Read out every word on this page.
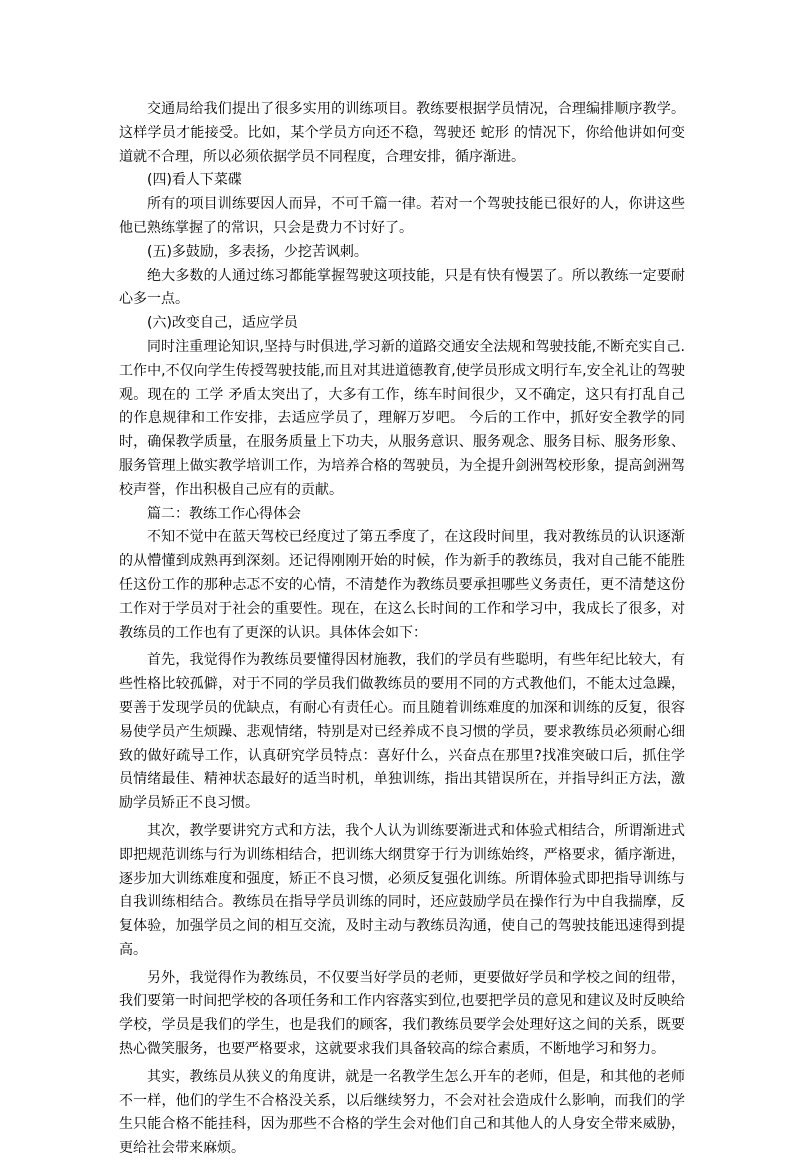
交通局给我们提出了很多实用的训练项目。教练要根据学员情况，合理编排顺序教学。这样学员才能接受。比如，某个学员方向还不稳，驾驶还 蛇形 的情况下，你给他讲如何变道就不合理，所以必须依据学员不同程度，合理安排，循序渐进。

(四)看人下菜碟

所有的项目训练要因人而异，不可千篇一律。若对一个驾驶技能已很好的人，你讲这些他已熟练掌握了的常识，只会是费力不讨好了。

(五)多鼓励，多表扬，少挖苦讽刺。

绝大多数的人通过练习都能掌握驾驶这项技能，只是有快有慢罢了。所以教练一定要耐心多一点。

(六)改变自己，适应学员

同时注重理论知识,坚持与时俱进,学习新的道路交通安全法规和驾驶技能,不断充实自己.工作中,不仅向学生传授驾驶技能,而且对其进道德教育,使学员形成文明行车,安全礼让的驾驶观。现在的 工学 矛盾太突出了，大多有工作，练车时间很少，又不确定，这只有打乱自己的作息规律和工作安排，去适应学员了，理解万岁吧。 今后的工作中，抓好安全教学的同时，确保教学质量，在服务质量上下功夫，从服务意识、服务观念、服务目标、服务形象、服务管理上做实教学培训工作，为培养合格的驾驶员，为全提升剑洲驾校形象，提高剑洲驾校声誉，作出积极自己应有的贡献。

篇二：教练工作心得体会

不知不觉中在蓝天驾校已经度过了第五季度了，在这段时间里，我对教练员的认识逐渐的从懵懂到成熟再到深刻。还记得刚刚开始的时候，作为新手的教练员，我对自己能不能胜任这份工作的那种忐忑不安的心情，不清楚作为教练员要承担哪些义务责任，更不清楚这份工作对于学员对于社会的重要性。现在，在这么长时间的工作和学习中，我成长了很多，对教练员的工作也有了更深的认识。具体体会如下：

首先，我觉得作为教练员要懂得因材施教，我们的学员有些聪明，有些年纪比较大，有些性格比较孤僻，对于不同的学员我们做教练员的要用不同的方式教他们，不能太过急躁，要善于发现学员的优缺点，有耐心有责任心。而且随着训练难度的加深和训练的反复，很容易使学员产生烦躁、悲观情绪，特别是对已经养成不良习惯的学员，要求教练员必须耐心细致的做好疏导工作，认真研究学员特点：喜好什么，兴奋点在那里?找准突破口后，抓住学员情绪最佳、精神状态最好的适当时机，单独训练，指出其错误所在，并指导纠正方法，激励学员矫正不良习惯。

其次，教学要讲究方式和方法，我个人认为训练要渐进式和体验式相结合，所谓渐进式即把规范训练与行为训练相结合，把训练大纲贯穿于行为训练始终，严格要求，循序渐进，逐步加大训练难度和强度，矫正不良习惯，必须反复强化训练。所谓体验式即把指导训练与自我训练相结合。教练员在指导学员训练的同时，还应鼓励学员在操作行为中自我揣摩，反复体验，加强学员之间的相互交流，及时主动与教练员沟通，使自己的驾驶技能迅速得到提高。

另外，我觉得作为教练员，不仅要当好学员的老师，更要做好学员和学校之间的纽带，我们要第一时间把学校的各项任务和工作内容落实到位,也要把学员的意见和建议及时反映给学校，学员是我们的学生，也是我们的顾客，我们教练员要学会处理好这之间的关系，既要热心微笑服务，也要严格要求，这就要求我们具备较高的综合素质，不断地学习和努力。

其实，教练员从狭义的角度讲，就是一名教学生怎么开车的老师，但是，和其他的老师不一样，他们的学生不合格没关系，以后继续努力，不会对社会造成什么影响，而我们的学生只能合格不能挂科，因为那些不合格的学生会对他们自己和其他人的人身安全带来威胁，更给社会带来麻烦。
